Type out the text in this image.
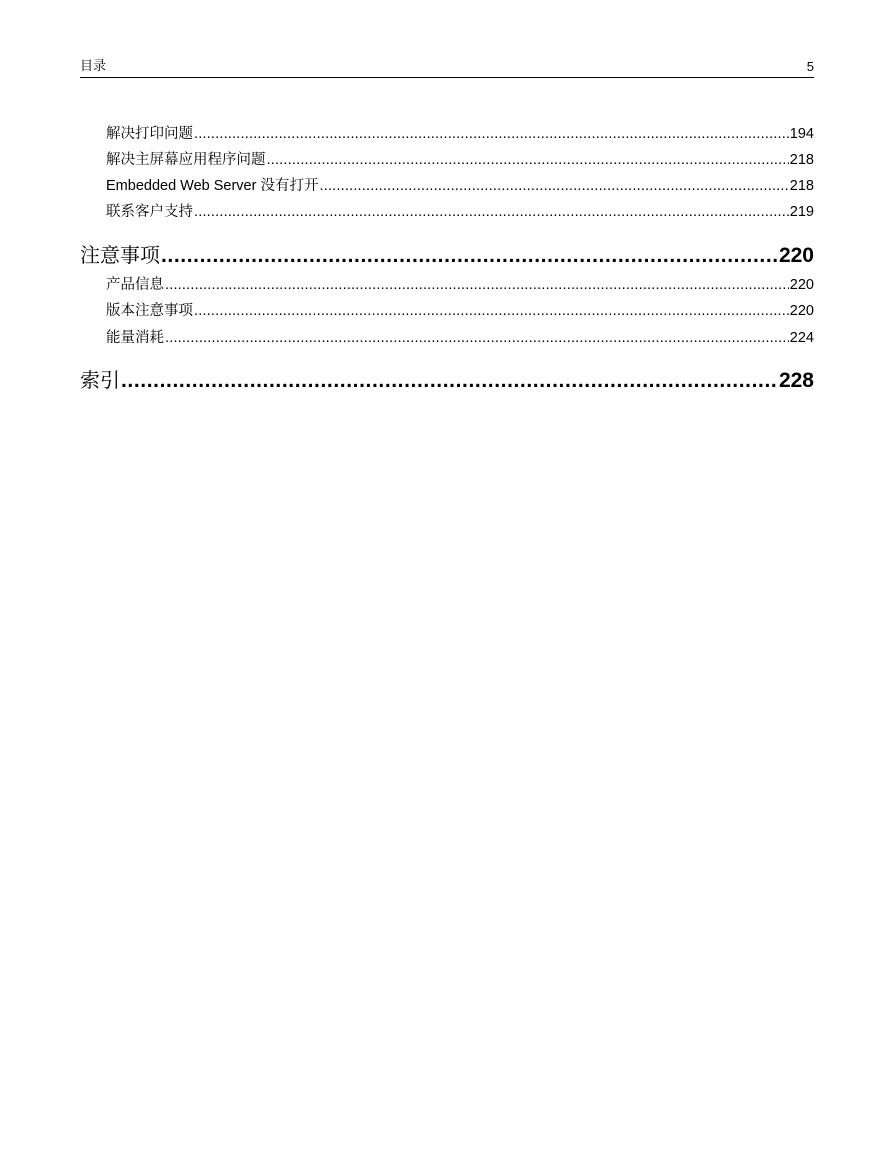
目录	5
解决打印问题 .....	194
解决主屏幕应用程序问题 .....	218
Embedded Web Server 没有打开 .....	218
联系客户支持 .....	219
注意事项 .....	220
产品信息 .....	220
版本注意事项 .....	220
能量消耗 .....	224
索引 .....	228
